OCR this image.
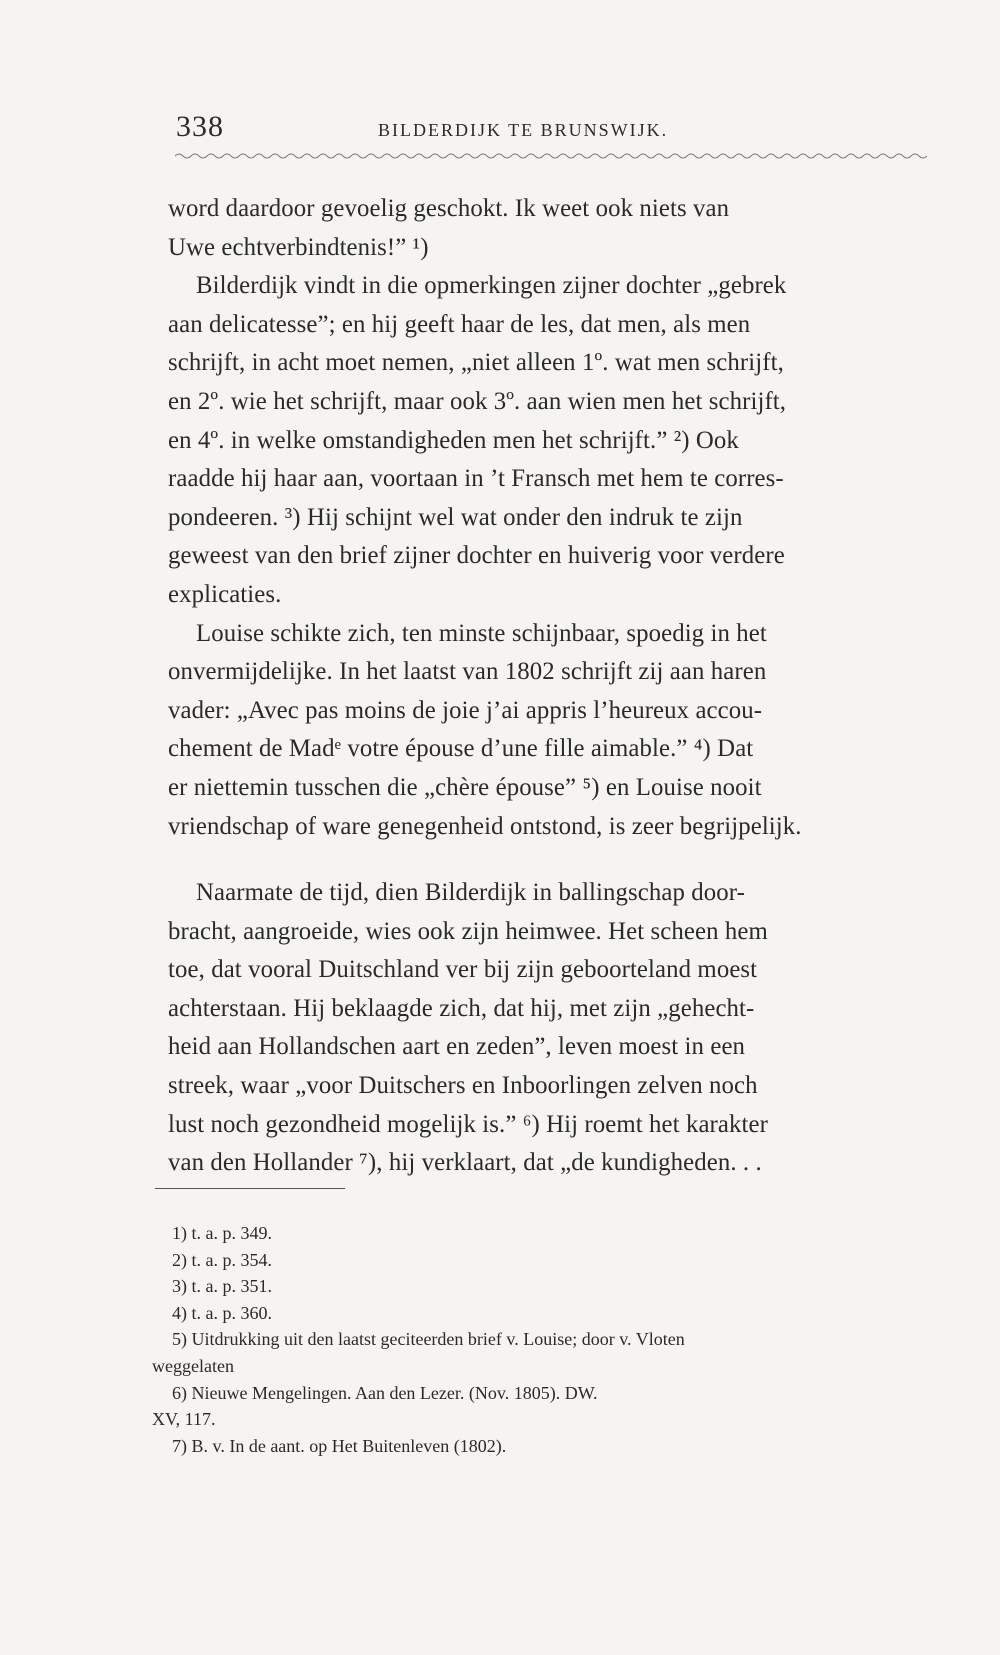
338	BILDERDIJK TE BRUNSWIJK.
word daardoor gevoelig geschokt. Ik weet ook niets van
Uwe echtverbindtenis!” ¹)
Bilderdijk vindt in die opmerkingen zijner dochter „gebrek
aan delicatesse”; en hij geeft haar de les, dat men, als men
schrijft, in acht moet nemen, „niet alleen 1º. wat men schrijft,
en 2º. wie het schrijft, maar ook 3º. aan wien men het schrijft,
en 4º. in welke omstandigheden men het schrijft.” ²) Ook
raadde hij haar aan, voortaan in ’t Fransch met hem te corres-
pondeeren. ³) Hij schijnt wel wat onder den indruk te zijn
geweest van den brief zijner dochter en huiverig voor verdere
explicaties.
Louise schikte zich, ten minste schijnbaar, spoedig in het
onvermijdelijke. In het laatst van 1802 schrijft zij aan haren
vader: „Avec pas moins de joie j’ai appris l’heureux accou-
chement de Madᵉ votre épouse d’une fille aimable.” ⁴) Dat
er niettemin tusschen die „chère épouse” ⁵) en Louise nooit
vriendschap of ware genegenheid ontstond, is zeer begrijpelijk.
Naarmate de tijd, dien Bilderdijk in ballingschap door-
bracht, aangroeide, wies ook zijn heimwee. Het scheen hem
toe, dat vooral Duitschland ver bij zijn geboorteland moest
achterstaan. Hij beklaagde zich, dat hij, met zijn „gehecht-
heid aan Hollandschen aart en zeden”, leven moest in een
streek, waar „voor Duitschers en Inboorlingen zelven noch
lust noch gezondheid mogelijk is.” ⁶) Hij roemt het karakter
van den Hollander ⁷), hij verklaart, dat „de kundigheden. . .
1) t. a. p. 349.
2) t. a. p. 354.
3) t. a. p. 351.
4) t. a. p. 360.
5) Uitdrukking uit den laatst geciteerden brief v. Louise; door v. Vloten
weggelaten
6) Nieuwe Mengelingen. Aan den Lezer. (Nov. 1805). DW.
XV, 117.
7) B. v. In de aant. op Het Buitenleven (1802).
